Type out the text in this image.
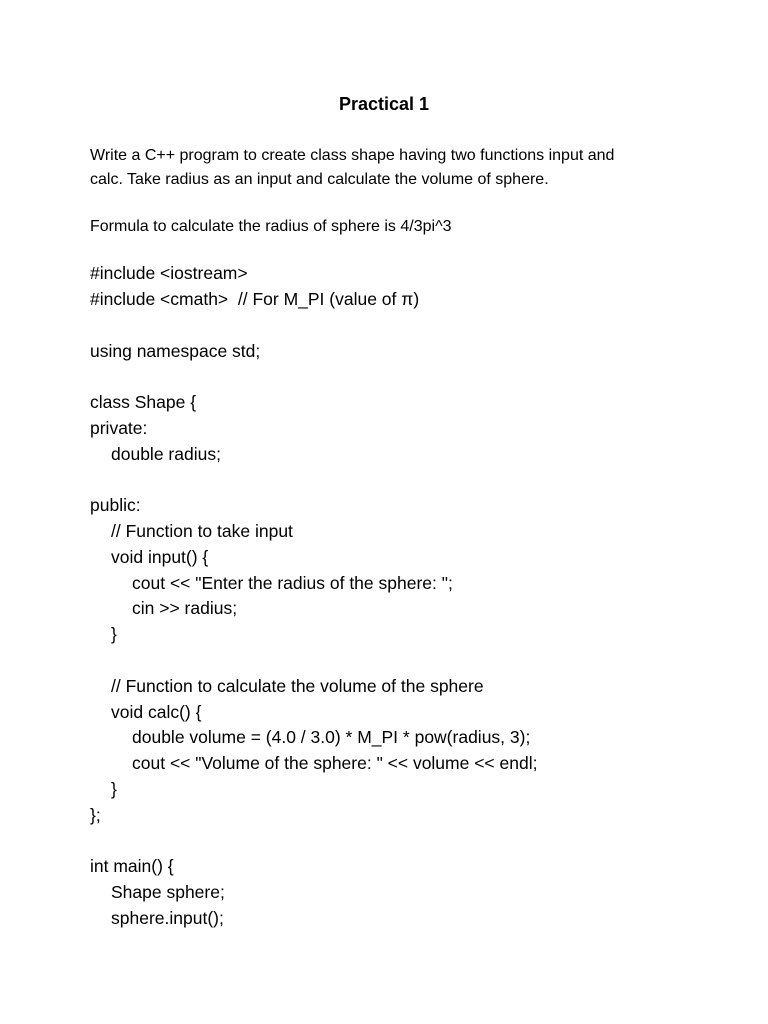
Practical 1
Write a C++ program to create class shape having two functions input and
calc. Take radius as an input and calculate the volume of sphere.
Formula to calculate the radius of sphere is 4/3pi^3
#include <iostream>
#include <cmath>  // For M_PI (value of π)
using namespace std;
class Shape {
private:
double radius;
public:
// Function to take input
void input() {
cout << "Enter the radius of the sphere: ";
cin >> radius;
}
// Function to calculate the volume of the sphere
void calc() {
double volume = (4.0 / 3.0) * M_PI * pow(radius, 3);
cout << "Volume of the sphere: " << volume << endl;
}
};
int main() {
Shape sphere;
sphere.input();
